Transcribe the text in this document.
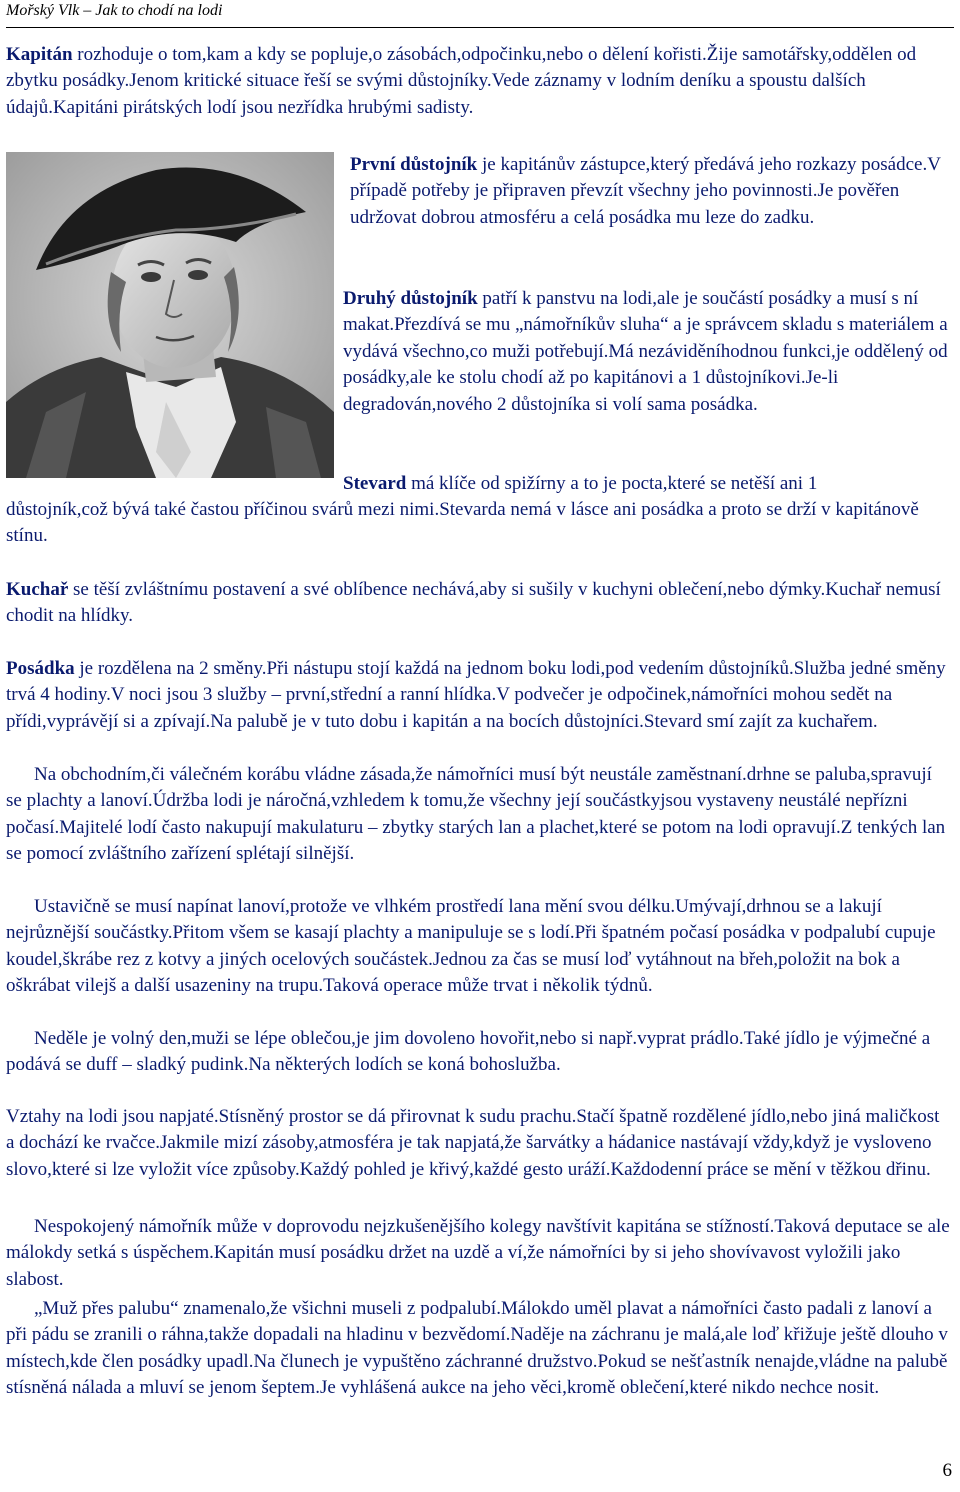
Mořský Vlk – Jak to chodí na lodi

Kapitán rozhoduje o tom,kam a kdy se popluje,o zásobách,odpočinku,nebo o dělení kořisti.Žije samotářsky,oddělen od zbytku posádky.Jenom kritické situace řeší se svými důstojníky.Vede záznamy v lodním deníku a spoustu dalších údajů.Kapitáni pirátských lodí jsou nezřídka hrubými sadisty.

První důstojník je kapitánův zástupce,který předává jeho rozkazy posádce.V případě potřeby je připraven převzít všechny jeho povinnosti.Je pověřen udržovat dobrou atmosféru a celá posádka mu leze do zadku.

Druhý důstojník patří k panstvu na lodi,ale je součástí posádky a musí s ní makat.Přezdívá se mu „námořníkův sluha“ a je správcem skladu s materiálem a vydává všechno,co muži potřebují.Má nezáviděníhodnou funkci,je oddělený od posádky,ale ke stolu chodí až po kapitánovi a 1 důstojníkovi.Je-li degradován,nového 2 důstojníka si volí sama posádka.

Stevard má klíče od spižírny a to je pocta,které se netěší ani 1

důstojník,což bývá také častou příčinou svárů mezi nimi.Stevarda nemá v lásce ani posádka a proto se drží v kapitánově stínu.

Kuchař se těší zvláštnímu postavení a své oblíbence nechává,aby si sušily v kuchyni oblečení,nebo dýmky.Kuchař nemusí chodit na hlídky.

Posádka je rozdělena na 2 směny.Při nástupu stojí každá na jednom boku lodi,pod vedením důstojníků.Služba jedné směny trvá 4 hodiny.V noci jsou 3 služby – první,střední a ranní hlídka.V podvečer je odpočinek,námořníci mohou sedět na přídi,vyprávějí si a zpívají.Na palubě je v tuto dobu i kapitán a na bocích důstojníci.Stevard smí zajít za kuchařem.

Na obchodním,či válečném korábu vládne zásada,že námořníci musí být neustále zaměstnaní.drhne se paluba,spravují se plachty a lanoví.Údržba lodi je náročná,vzhledem k tomu,že všechny její součástkyjsou vystaveny neustálé nepřízni počasí.Majitelé lodí často nakupují makulaturu – zbytky starých lan a plachet,které se potom na lodi opravují.Z tenkých lan se pomocí zvláštního zařízení splétají silnější.

Ustavičně se musí napínat lanoví,protože ve vlhkém prostředí lana mění svou délku.Umývají,drhnou se a lakují nejrůznější součástky.Přitom všem se kasají plachty a manipuluje se s lodí.Při špatném počasí posádka v podpalubí cupuje koudel,škrábe rez z kotvy a jiných ocelových součástek.Jednou za čas se musí loď vytáhnout na břeh,položit na bok a oškrábat vilejš a další usazeniny na trupu.Taková operace může trvat i několik týdnů.

Neděle je volný den,muži se lépe oblečou,je jim dovoleno hovořit,nebo si např.vyprat prádlo.Také jídlo je výjmečné a podává se duff – sladký pudink.Na některých lodích se koná bohoslužba.

Vztahy na lodi jsou napjaté.Stísněný prostor se dá přirovnat k sudu prachu.Stačí špatně rozdělené jídlo,nebo jiná maličkost a dochází ke rvačce.Jakmile mizí zásoby,atmosféra je tak napjatá,že šarvátky a hádanice nastávají vždy,když je vysloveno slovo,které si lze vyložit více způsoby.Každý pohled je křivý,každé gesto uráží.Každodenní práce se mění v těžkou dřinu.

Nespokojený námořník může v doprovodu nejzkušenějšího kolegy navštívit kapitána se stížností.Taková deputace se ale málokdy setká s úspěchem.Kapitán musí posádku držet na uzdě a ví,že námořníci by si jeho shovívavost vyložili jako slabost.

„Muž přes palubu“ znamenalo,že všichni museli z podpalubí.Málokdo uměl plavat a námořníci často padali z lanoví a při pádu se zranili o ráhna,takže dopadali na hladinu v bezvědomí.Naděje na záchranu je malá,ale loď křižuje ještě dlouho v místech,kde člen posádky upadl.Na člunech je vypuštěno záchranné družstvo.Pokud se nešťastník nenajde,vládne na palubě stísněná nálada a mluví se jenom šeptem.Je vyhlášená aukce na jeho věci,kromě oblečení,které nikdo nechce nosit.

6
